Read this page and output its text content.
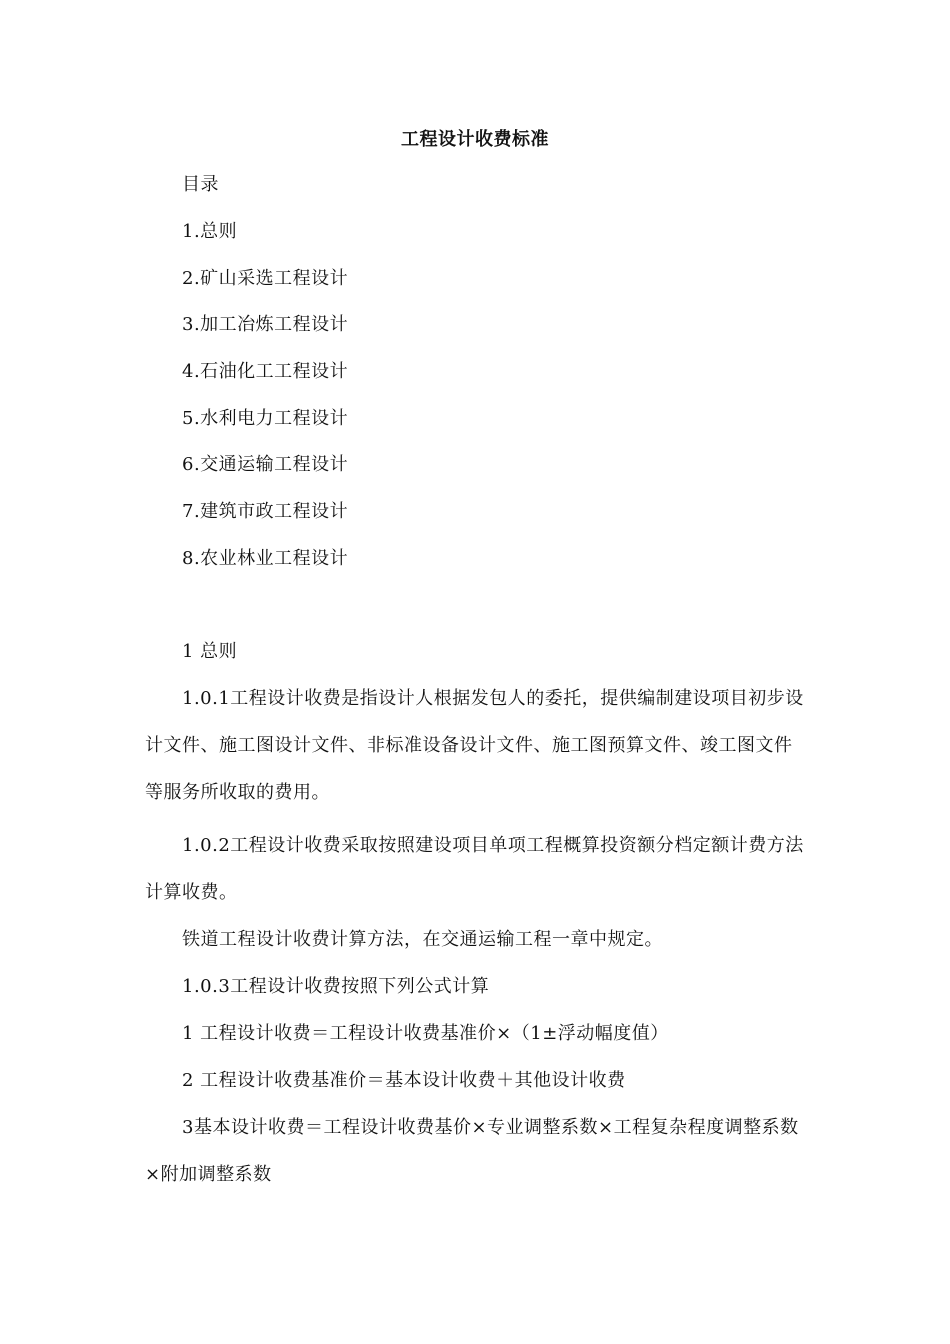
工程设计收费标准

目录

1.总则

2.矿山采选工程设计

3.加工冶炼工程设计

4.石油化工工程设计

5.水利电力工程设计

6.交通运输工程设计

7.建筑市政工程设计

8.农业林业工程设计

1 总则

1.0.1工程设计收费是指设计人根据发包人的委托，提供编制建设项目初步设计文件、施工图设计文件、非标准设备设计文件、施工图预算文件、竣工图文件等服务所收取的费用。

1.0.2工程设计收费采取按照建设项目单项工程概算投资额分档定额计费方法计算收费。

铁道工程设计收费计算方法，在交通运输工程一章中规定。

1.0.3工程设计收费按照下列公式计算

1 工程设计收费＝工程设计收费基准价×（1±浮动幅度值）

2 工程设计收费基准价＝基本设计收费＋其他设计收费

3基本设计收费＝工程设计收费基价×专业调整系数×工程复杂程度调整系数×附加调整系数
